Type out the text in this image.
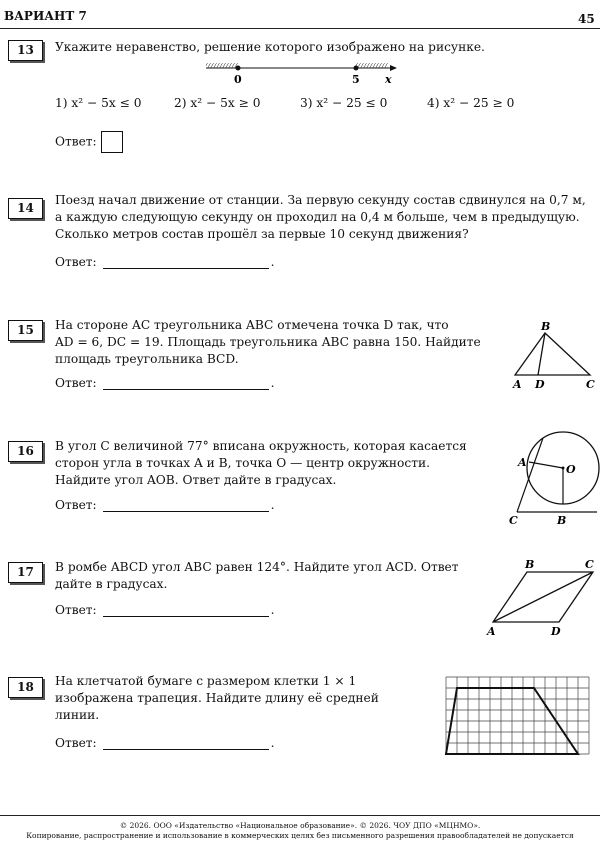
ВАРИАНТ 7	45
13	Укажите неравенство, решение которого изображено на рисунке.
0	5 x
1) x² − 5x ≤ 0	2) x² − 5x ≥ 0	3) x² − 25 ≤ 0	4) x² − 25 ≥ 0
Ответ:
14
Поезд начал движение от станции. За первую секунду состав сдвинулся на 0,7 м,
а каждую следующую секунду он проходил на 0,4 м больше, чем в предыдущую.
Сколько метров состав прошёл за первые 10 секунд движения?
Ответ:	.
15	На стороне AC треугольника ABC отмечена точка D так, что
AD = 6, DC = 19. Площадь треугольника ABC равна 150. Найдите
площадь треугольника BCD.
Ответ:	.
B
A D	C
16	В угол C величиной 77° вписана окружность, которая касается
сторон угла в точках A и B, точка O — центр окружности.
Найдите угол AOB. Ответ дайте в градусах.
Ответ:	.
A
O
C	B
17	В ромбе ABCD угол ABC равен 124°. Найдите угол ACD. Ответ
дайте в градусах.
Ответ:	.
B	C
A	D
18	На клетчатой бумаге с размером клетки 1 × 1
изображена трапеция. Найдите длину её средней
линии.
Ответ:	.
© 2026. ООО «Издательство «Национальное образование». © 2026. ЧОУ ДПО «МЦНМО».
Копирование, распространение и использование в коммерческих целях без письменного разрешения правообладателей не допускается
